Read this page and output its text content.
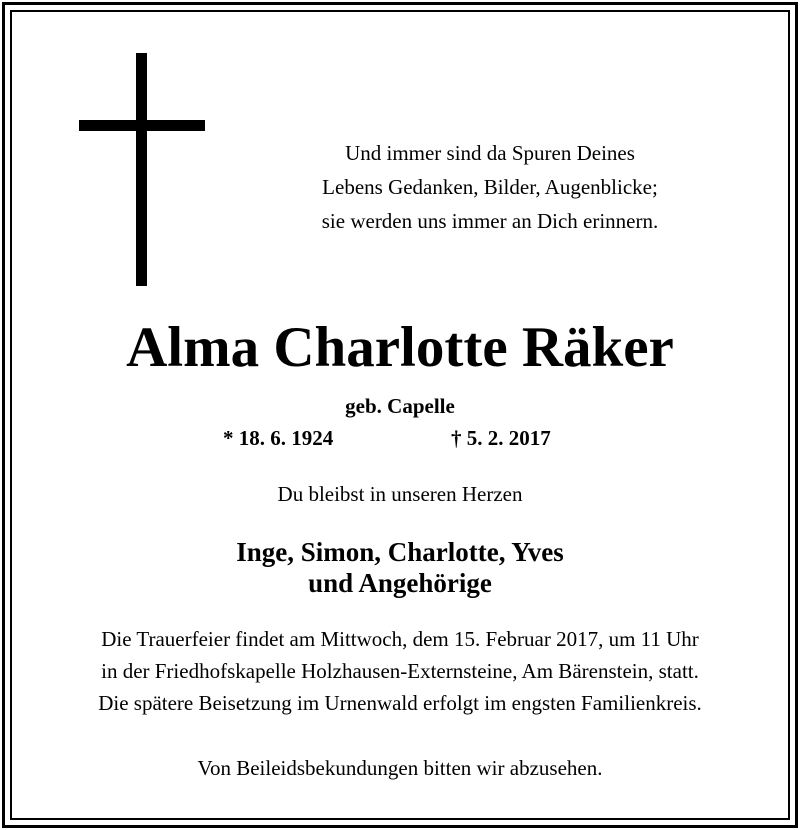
Und immer sind da Spuren Deines
Lebens Gedanken, Bilder, Augenblicke;
sie werden uns immer an Dich erinnern.
Alma Charlotte Räker
geb. Capelle
* 18. 6. 1924	† 5. 2. 2017
Du bleibst in unseren Herzen
Inge, Simon, Charlotte, Yves
und Angehörige
Die Trauerfeier findet am Mittwoch, dem 15. Februar 2017, um 11 Uhr
in der Friedhofskapelle Holzhausen-Externsteine, Am Bärenstein, statt.
Die spätere Beisetzung im Urnenwald erfolgt im engsten Familienkreis.
Von Beileidsbekundungen bitten wir abzusehen.
